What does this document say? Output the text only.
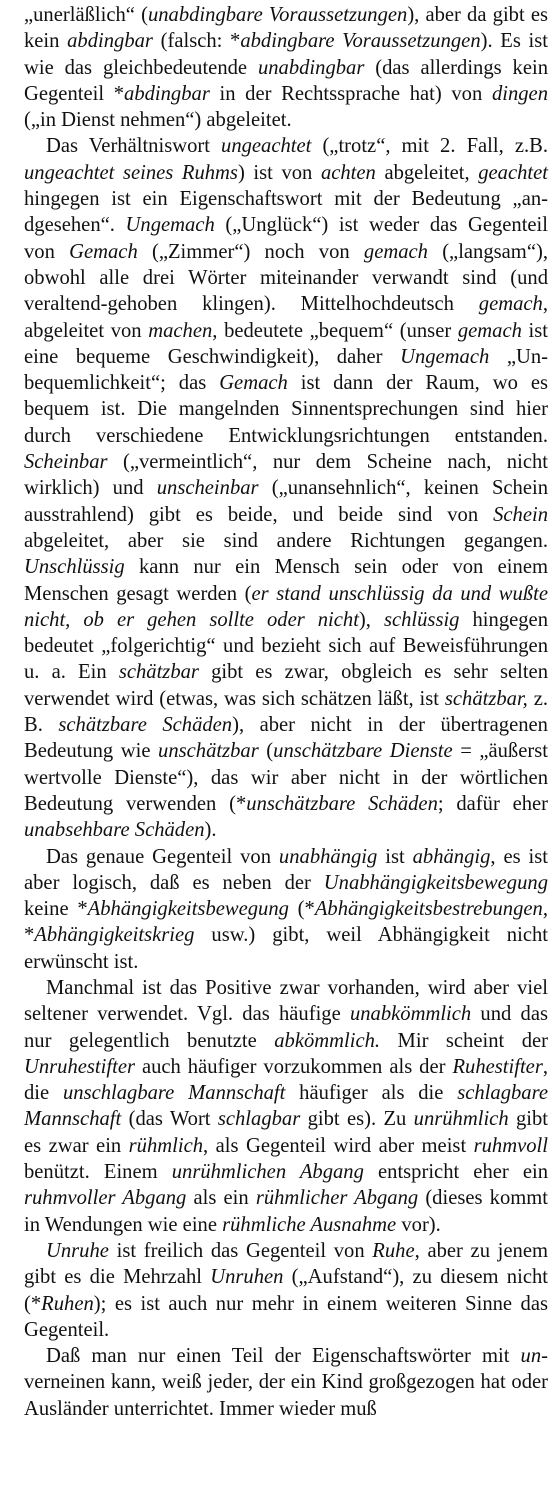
„unerläßlich“ (unabdingbare Voraussetzungen), aber da gibt es kein abdingbar (falsch: *abdingbare Voraussetzungen). Es ist wie das gleichbedeutende unabdingbar (das allerdings kein Gegenteil *abdingbar in der Rechtssprache hat) von dingen („in Dienst nehmen“) abgeleitet.

Das Verhältniswort ungeachtet („trotz“, mit 2. Fall, z.B. ungeachtet seines Ruhms) ist von achten abgeleitet, geachtet hingegen ist ein Eigenschaftswort mit der Bedeutung „andgesehen“. Ungemach („Unglück“) ist weder das Gegenteil von Gemach („Zimmer“) noch von gemach („langsam“), obwohl alle drei Wörter miteinander verwandt sind (und veraltend-gehoben klingen). Mittelhochdeutsch gemach, abgeleitet von machen, bedeutete „bequem“ (unser gemach ist eine bequeme Geschwindigkeit), daher Ungemach „Unbequemlichkeit“; das Gemach ist dann der Raum, wo es bequem ist. Die mangelnden Sinnentsprechungen sind hier durch verschiedene Entwicklungsrichtungen entstanden. Scheinbar („vermeintlich“, nur dem Scheine nach, nicht wirklich) und unscheinbar („unansehnlich“, keinen Schein ausstrahlend) gibt es beide, und beide sind von Schein abgeleitet, aber sie sind andere Richtungen gegangen. Unschlüssig kann nur ein Mensch sein oder von einem Menschen gesagt werden (er stand unschlüssig da und wußte nicht, ob er gehen sollte oder nicht), schlüssig hingegen bedeutet „folgerichtig“ und bezieht sich auf Beweisführungen u. a. Ein schätzbar gibt es zwar, obgleich es sehr selten verwendet wird (etwas, was sich schätzen läßt, ist schätzbar, z. B. schätzbare Schäden), aber nicht in der übertragenen Bedeutung wie unschätzbar (unschätzbare Dienste = „äußerst wertvolle Dienste“), das wir aber nicht in der wörtlichen Bedeutung verwenden (*unschätzbare Schäden; dafür eher unabsehbare Schäden).

Das genaue Gegenteil von unabhängig ist abhängig, es ist aber logisch, daß es neben der Unabhängigkeitsbewegung keine *Abhängigkeitsbewegung (*Abhängigkeitsbestrebungen, *Abhängigkeitskrieg usw.) gibt, weil Abhängigkeit nicht erwünscht ist.

Manchmal ist das Positive zwar vorhanden, wird aber viel seltener verwendet. Vgl. das häufige unabkömmlich und das nur gelegentlich benutzte abkömmlich. Mir scheint der Unruhestifter auch häufiger vorzukommen als der Ruhestifter, die unschlagbare Mannschaft häufiger als die schlagbare Mannschaft (das Wort schlagbar gibt es). Zu unrühmlich gibt es zwar ein rühmlich, als Gegenteil wird aber meist ruhmvoll benützt. Einem unrühmlichen Abgang entspricht eher ein ruhmvoller Abgang als ein rühmlicher Abgang (dieses kommt in Wendungen wie eine rühmliche Ausnahme vor).

Unruhe ist freilich das Gegenteil von Ruhe, aber zu jenem gibt es die Mehrzahl Unruhen („Aufstand“), zu diesem nicht (*Ruhen); es ist auch nur mehr in einem weiteren Sinne das Gegenteil.

Daß man nur einen Teil der Eigenschaftswörter mit un- verneinen kann, weiß jeder, der ein Kind großgezogen hat oder Ausländer unterrichtet. Immer wieder muß
